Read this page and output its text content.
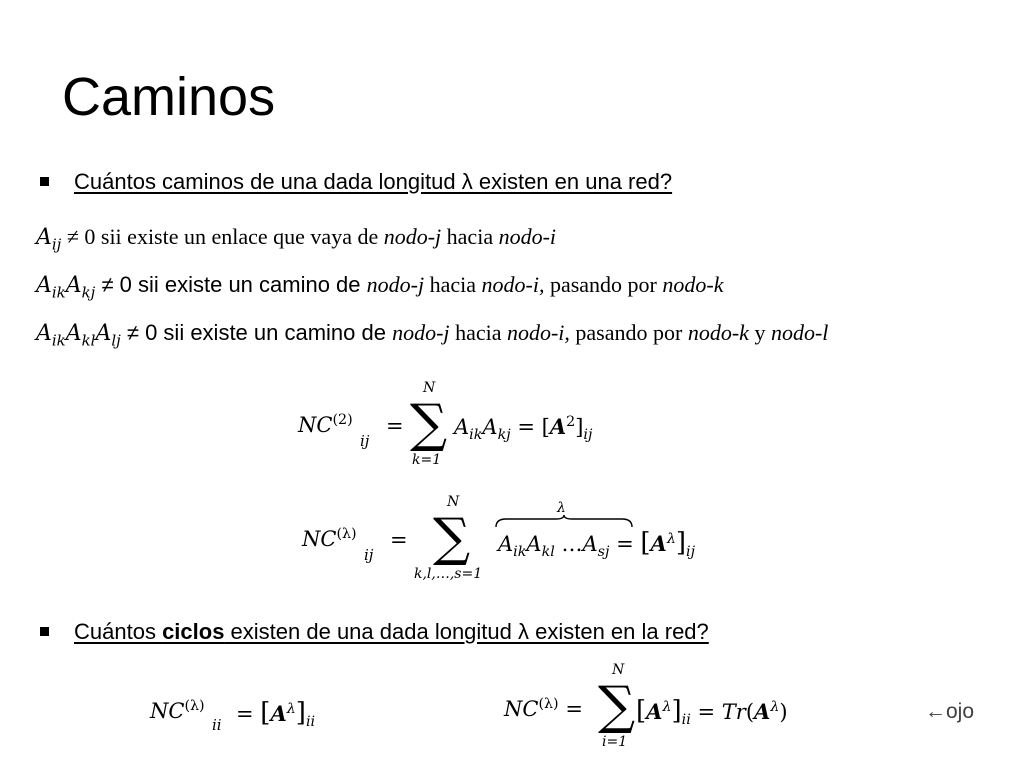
Caminos
Cuántos caminos de una dada longitud λ existen en una red?
$A_{ij} \ne 0$ sii existe un enlace que vaya de nodo-j hacia nodo-i
$A_{ik}A_{kj} \ne 0$ sii existe un camino de nodo-j hacia nodo-i, pasando por nodo-k
$A_{ik}A_{kl}A_{lj} \ne 0$ sii existe un camino de nodo-j hacia nodo-i, pasando por nodo-k y nodo-l
NC$^{(2)}$
ij
=
N
∑
k=1
$A_{ik}A_{kj} = [A^2]_{ij}$
$NC^{(\lambda)}$
ij
=
N
∑
k,l,…,s=1
λ
$A_{ik}A_{kl}$ $\dots A_{sj} = [A^\lambda]_{ij}$
Cuántos ciclos existen de una dada longitud λ existen en la red?
$NC^{(\lambda)}$
ii = $[A^\lambda]_{ii}$
$NC^{(\lambda)}$ =
N
∑
i=1
$[A^\lambda]_{ii} = Tr(A^\lambda)$	←ojo
